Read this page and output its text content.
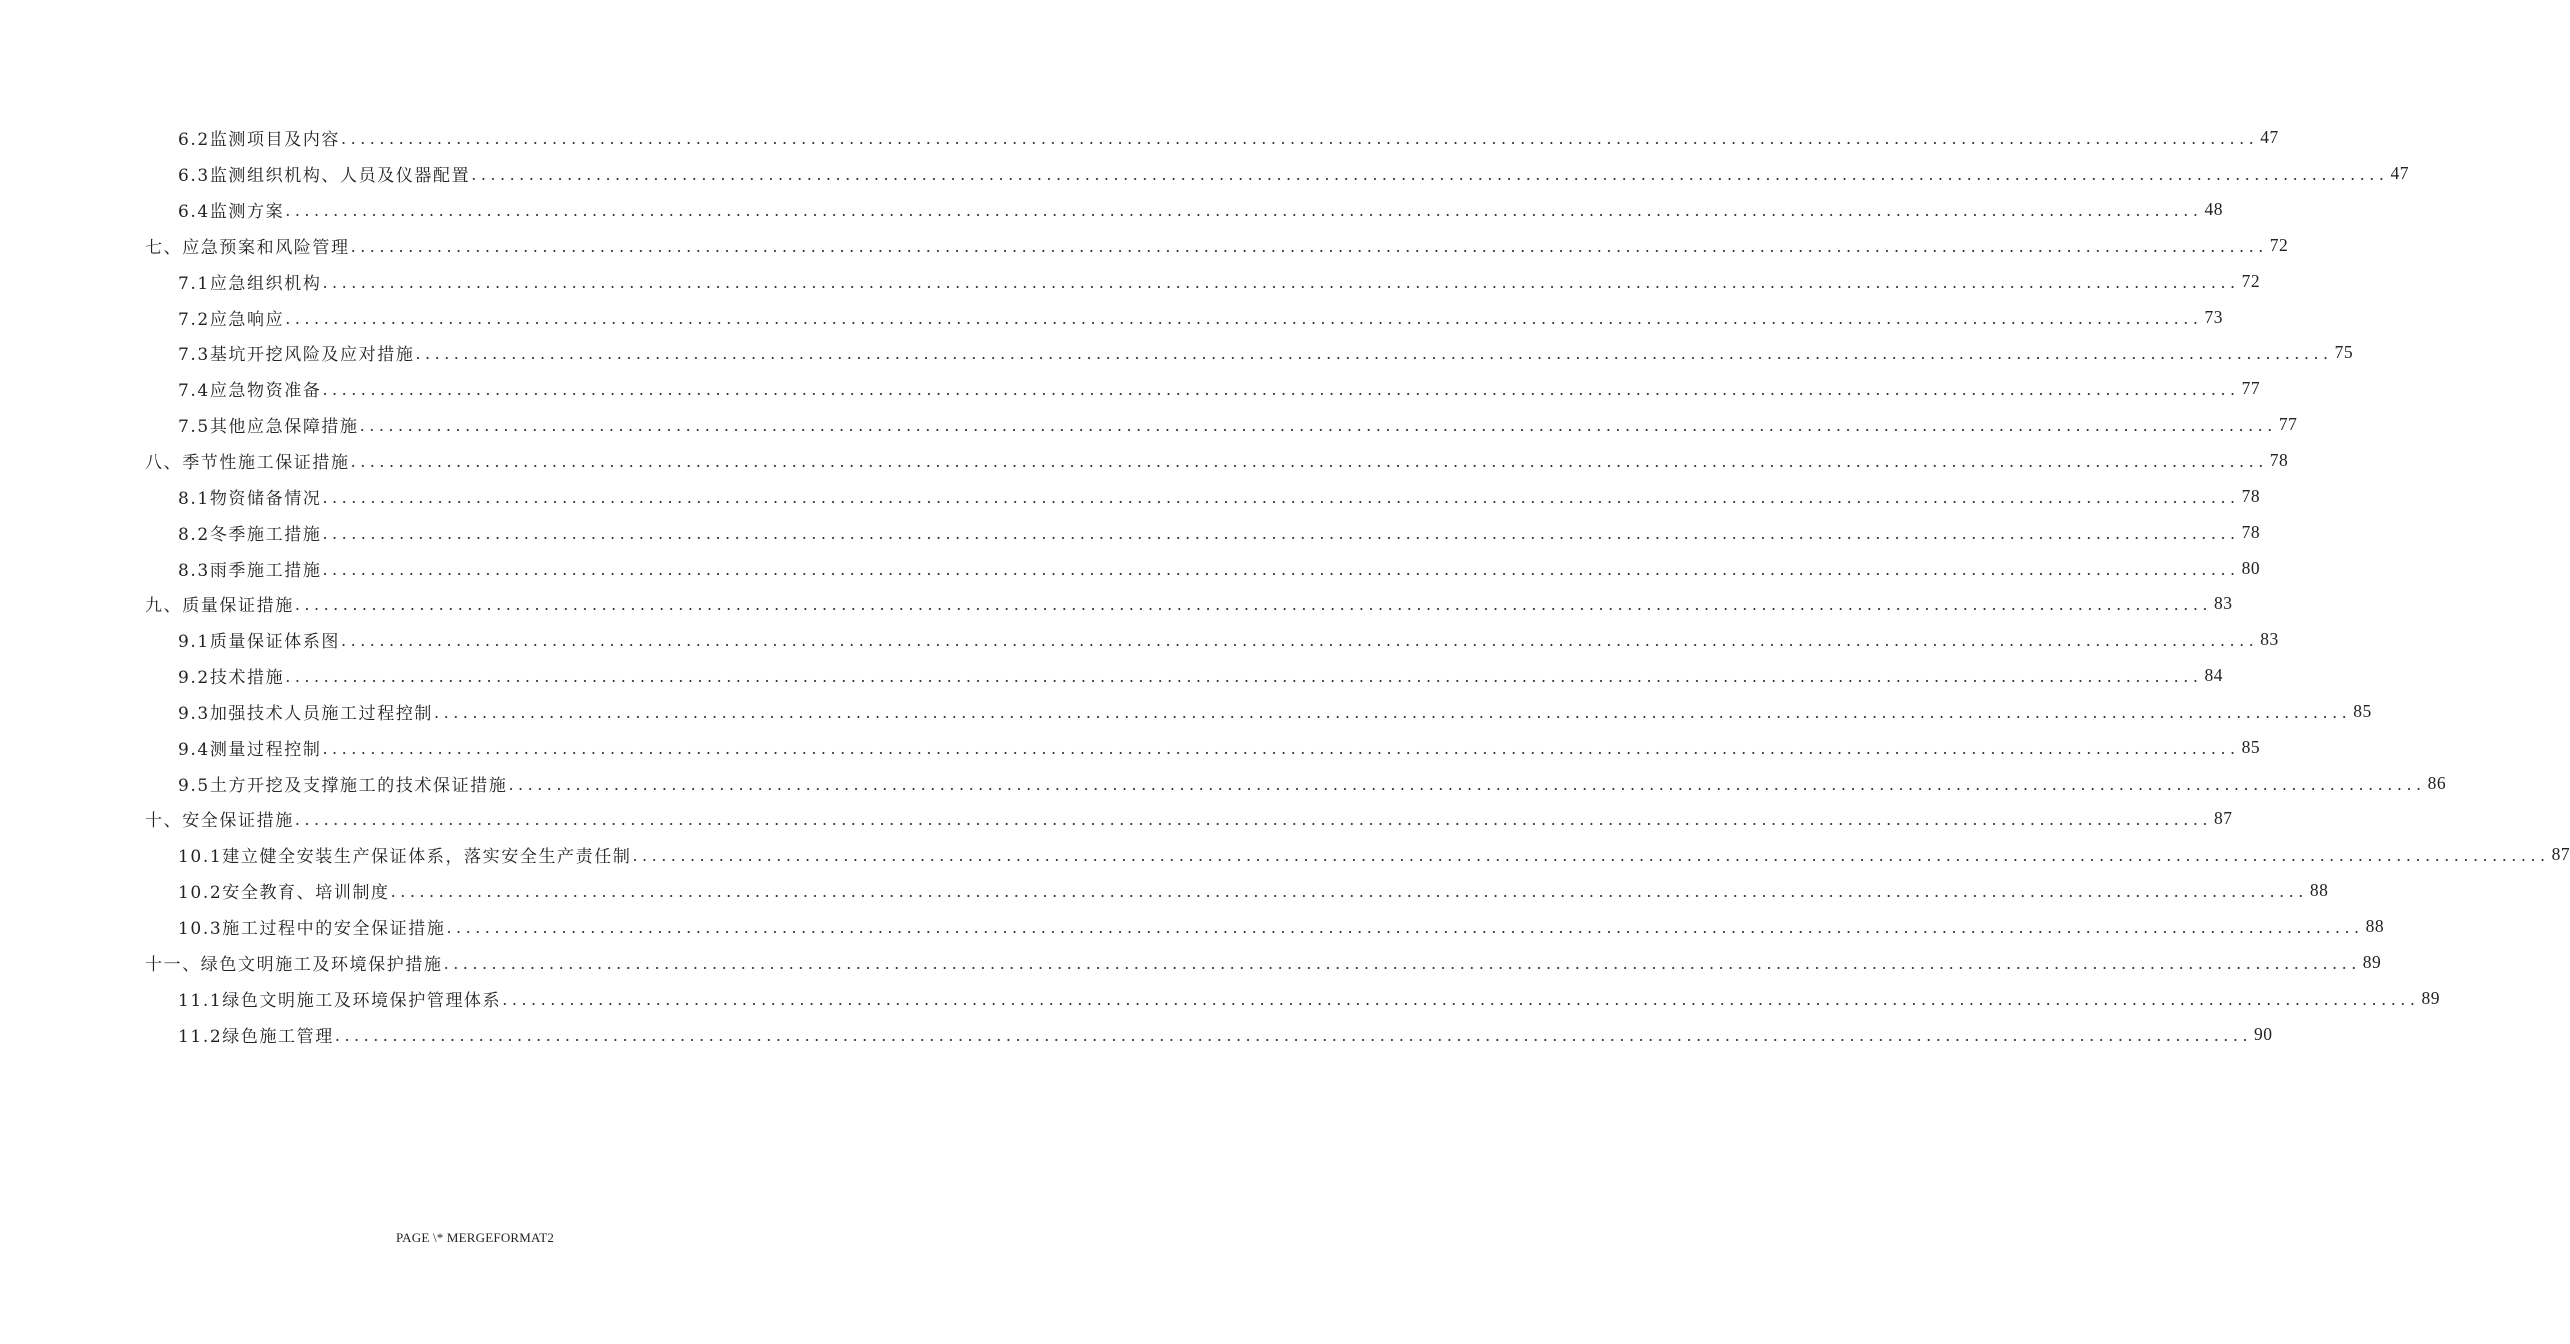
6.2监测项目及内容 ........................................................................................................................................................................................................ 47
6.3监测组织机构、人员及仪器配置 ........................................................................................................................................................................................................ 47
6.4监测方案 ........................................................................................................................................................................................................ 48
七、应急预案和风险管理 ........................................................................................................................................................................................................ 72
7.1应急组织机构 ........................................................................................................................................................................................................ 72
7.2应急响应 ........................................................................................................................................................................................................ 73
7.3基坑开挖风险及应对措施 ........................................................................................................................................................................................................ 75
7.4应急物资准备 ........................................................................................................................................................................................................ 77
7.5其他应急保障措施 ........................................................................................................................................................................................................ 77
八、季节性施工保证措施 ........................................................................................................................................................................................................ 78
8.1物资储备情况 ........................................................................................................................................................................................................ 78
8.2冬季施工措施 ........................................................................................................................................................................................................ 78
8.3雨季施工措施 ........................................................................................................................................................................................................ 80
九、质量保证措施 ........................................................................................................................................................................................................ 83
9.1质量保证体系图 ........................................................................................................................................................................................................ 83
9.2技术措施 ........................................................................................................................................................................................................ 84
9.3加强技术人员施工过程控制 ........................................................................................................................................................................................................ 85
9.4测量过程控制 ........................................................................................................................................................................................................ 85
9.5土方开挖及支撑施工的技术保证措施 ........................................................................................................................................................................................................ 86
十、安全保证措施 ........................................................................................................................................................................................................ 87
10.1建立健全安装生产保证体系，落实安全生产责任制 ........................................................................................................................................................................................................ 87
10.2安全教育、培训制度 ........................................................................................................................................................................................................ 88
10.3施工过程中的安全保证措施 ........................................................................................................................................................................................................ 88
十一、绿色文明施工及环境保护措施 ........................................................................................................................................................................................................ 89
11.1绿色文明施工及环境保护管理体系 ........................................................................................................................................................................................................ 89
11.2绿色施工管理 ........................................................................................................................................................................................................ 90
PAGE \* MERGEFORMAT2
